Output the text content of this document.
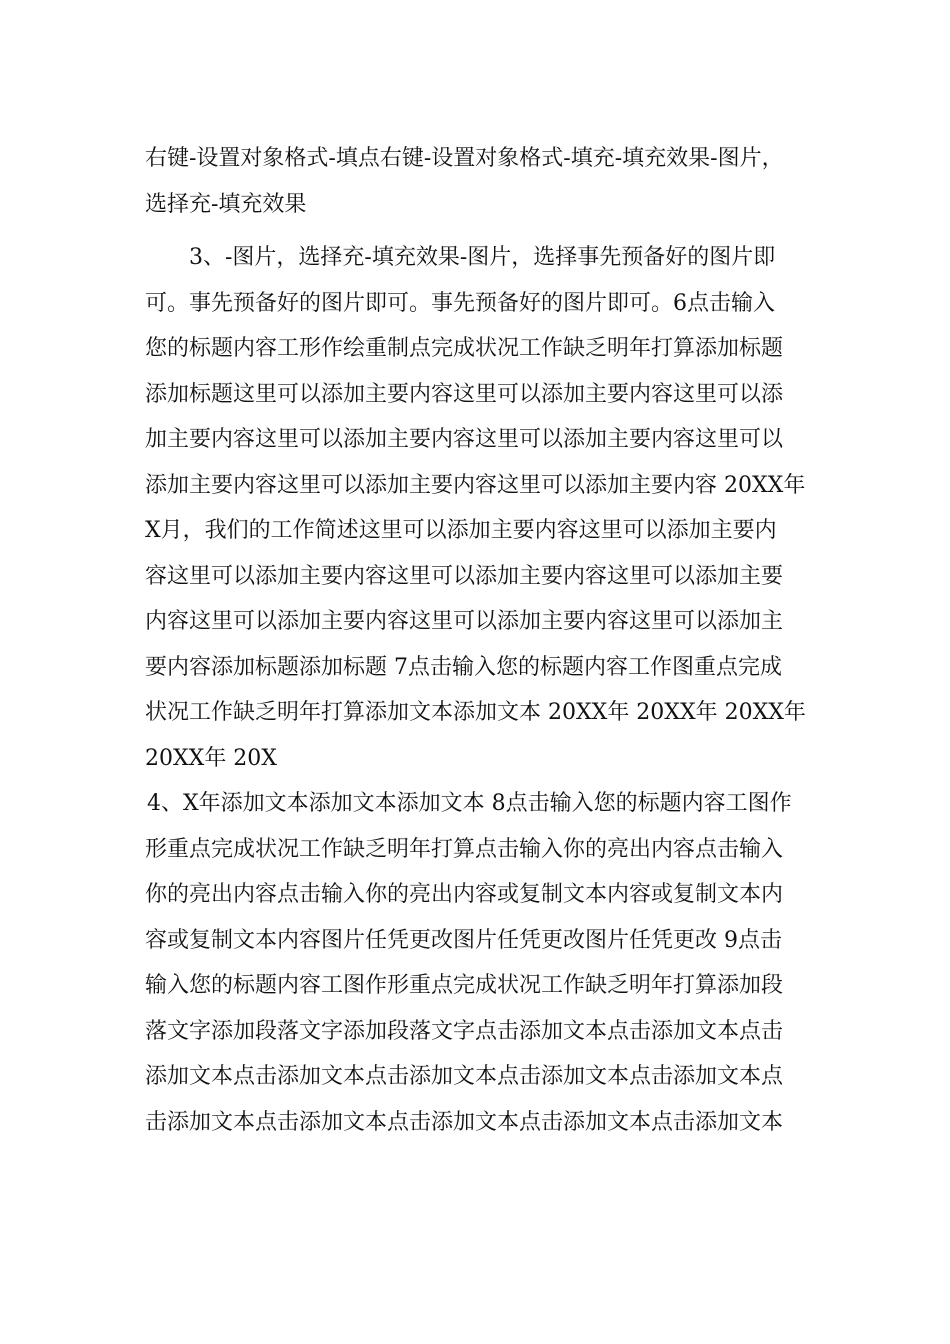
右键-设置对象格式-填点右键-设置对象格式-填充-填充效果-图片，
选择充-填充效果
3、-图片，选择充-填充效果-图片，选择事先预备好的图片即
可。事先预备好的图片即可。事先预备好的图片即可。6点击输入
您的标题内容工形作绘重制点完成状况工作缺乏明年打算添加标题
添加标题这里可以添加主要内容这里可以添加主要内容这里可以添
加主要内容这里可以添加主要内容这里可以添加主要内容这里可以
添加主要内容这里可以添加主要内容这里可以添加主要内容 20XX年
X月，我们的工作简述这里可以添加主要内容这里可以添加主要内
容这里可以添加主要内容这里可以添加主要内容这里可以添加主要
内容这里可以添加主要内容这里可以添加主要内容这里可以添加主
要内容添加标题添加标题 7点击输入您的标题内容工作图重点完成
状况工作缺乏明年打算添加文本添加文本 20XX年 20XX年 20XX年
20XX年 20X
4、X年添加文本添加文本添加文本 8点击输入您的标题内容工图作
形重点完成状况工作缺乏明年打算点击输入你的亮出内容点击输入
你的亮出内容点击输入你的亮出内容或复制文本内容或复制文本内
容或复制文本内容图片任凭更改图片任凭更改图片任凭更改 9点击
输入您的标题内容工图作形重点完成状况工作缺乏明年打算添加段
落文字添加段落文字添加段落文字点击添加文本点击添加文本点击
添加文本点击添加文本点击添加文本点击添加文本点击添加文本点
击添加文本点击添加文本点击添加文本点击添加文本点击添加文本
